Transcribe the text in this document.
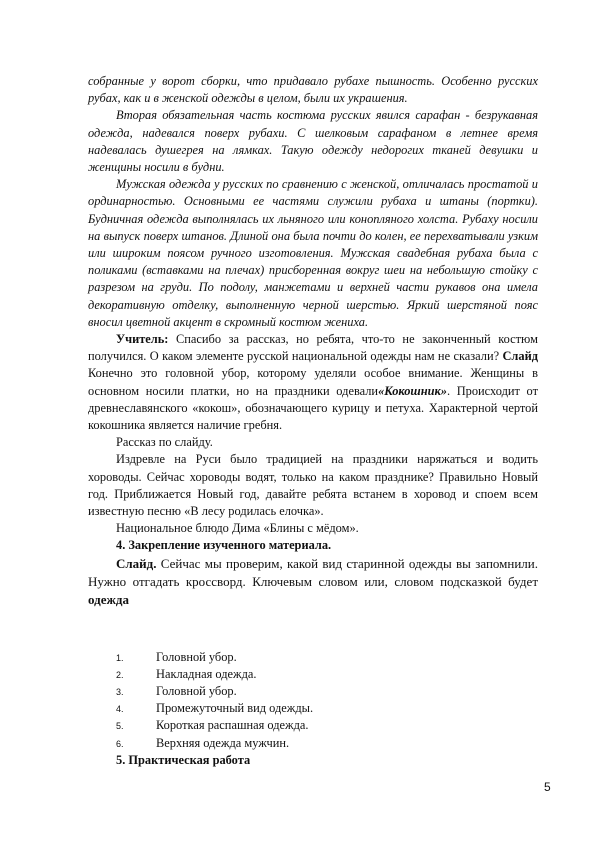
собранные у ворот сборки, что придавало рубахе пышность. Особенно русских рубах, как и в женской одежды в целом, были их украшения.

Вторая обязательная часть костюма русских явился сарафан - безрукавная одежда, надевался поверх рубахи. С шелковым сарафаном в летнее время надевалась душегрея на лямках. Такую одежду недорогих тканей девушки и женщины носили в будни.

Мужская одежда у русских по сравнению с женской, отличалась простатой и ординарностью. Основными ее частями служили рубаха и штаны (портки). Будничная одежда выполнялась их льняного или конопляного холста. Рубаху носили на выпуск поверх штанов. Длиной она была почти до колен, ее перехватывали узким или широким поясом ручного изготовления. Мужская свадебная рубаха была с поликами (вставками на плечах) присборенная вокруг шеи на небольшую стойку с разрезом на груди. По подолу, манжетами и верхней части рукавов она имела декоративную отделку, выполненную черной шерстью. Яркий шерстяной пояс вносил цветной акцент в скромный костюм жениха.

Учитель: Спасибо за рассказ, но ребята, что-то не законченный костюм получился. О каком элементе русской национальной одежды нам не сказали? Слайд Конечно это головной убор, которому уделяли особое внимание. Женщины в основном носили платки, но на праздники одевали«Кокошник». Происходит от древнеславянского «кокош», обозначающего курицу и петуха. Характерной чертой кокошника является наличие гребня.

Рассказ по слайду.

Издревле на Руси было традицией на праздники наряжаться и водить хороводы. Сейчас хороводы водят, только на каком празднике? Правильно Новый год. Приближается Новый год, давайте ребята встанем в хоровод и споем всем известную песню «В лесу родилась елочка».

Национальное блюдо Дима «Блины с мёдом».

4. Закрепление изученного материала.

Слайд. Сейчас мы проверим, какой вид старинной одежды вы запомнили. Нужно отгадать кроссворд. Ключевым словом или, словом подсказкой будет одежда

1.	Головной убор.
2.	Накладная одежда.
3.	Головной убор.
4.	Промежуточный вид одежды.
5.	Короткая распашная одежда.
6.	Верхняя одежда мужчин.

5. Практическая работа

5
